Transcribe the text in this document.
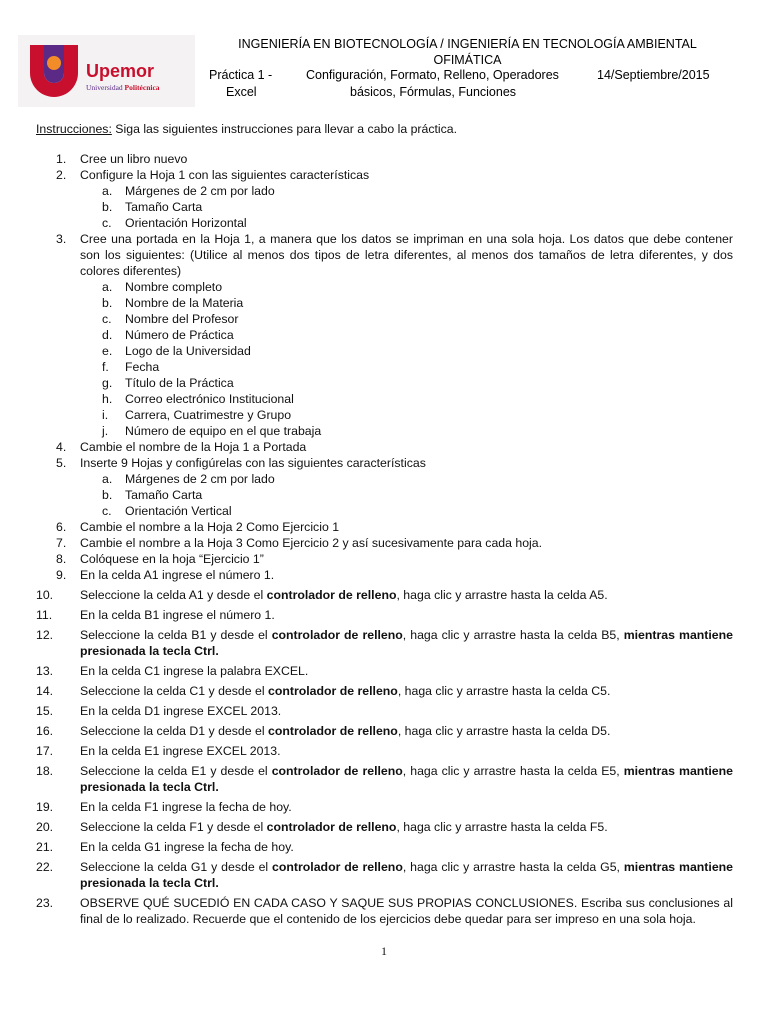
Upemor
Universidad Politécnica
INGENIERÍA EN BIOTECNOLOGÍA / INGENIERÍA EN TECNOLOGÍA AMBIENTAL
OFIMÁTICA
Práctica 1 -
Excel
Configuración, Formato, Relleno, Operadores
básicos, Fórmulas, Funciones
14/Septiembre/2015
Instrucciones: Siga las siguientes instrucciones para llevar a cabo la práctica.
1. Cree un libro nuevo
2. Configure la Hoja 1 con las siguientes características
a. Márgenes de 2 cm por lado
b. Tamaño Carta
c. Orientación Horizontal
3. Cree una portada en la Hoja 1, a manera que los datos se impriman en una sola hoja. Los datos que debe contener son los siguientes: (Utilice al menos dos tipos de letra diferentes, al menos dos tamaños de letra diferentes, y dos colores diferentes)
a. Nombre completo
b. Nombre de la Materia
c. Nombre del Profesor
d. Número de Práctica
e. Logo de la Universidad
f. Fecha
g. Título de la Práctica
h. Correo electrónico Institucional
i. Carrera, Cuatrimestre y Grupo
j. Número de equipo en el que trabaja
4. Cambie el nombre de la Hoja 1 a Portada
5. Inserte 9 Hojas y configúrelas con las siguientes características
a. Márgenes de 2 cm por lado
b. Tamaño Carta
c. Orientación Vertical
6. Cambie el nombre a la Hoja 2 Como Ejercicio 1
7. Cambie el nombre a la Hoja 3 Como Ejercicio 2 y así sucesivamente para cada hoja.
8. Colóquese en la hoja “Ejercicio 1”
9. En la celda A1 ingrese el número 1.
10. Seleccione la celda A1 y desde el controlador de relleno, haga clic y arrastre hasta la celda A5.
11. En la celda B1 ingrese el número 1.
12. Seleccione la celda B1 y desde el controlador de relleno, haga clic y arrastre hasta la celda B5, mientras mantiene presionada la tecla Ctrl.
13. En la celda C1 ingrese la palabra EXCEL.
14. Seleccione la celda C1 y desde el controlador de relleno, haga clic y arrastre hasta la celda C5.
15. En la celda D1 ingrese EXCEL 2013.
16. Seleccione la celda D1 y desde el controlador de relleno, haga clic y arrastre hasta la celda D5.
17. En la celda E1 ingrese EXCEL 2013.
18. Seleccione la celda E1 y desde el controlador de relleno, haga clic y arrastre hasta la celda E5, mientras mantiene presionada la tecla Ctrl.
19. En la celda F1 ingrese la fecha de hoy.
20. Seleccione la celda F1 y desde el controlador de relleno, haga clic y arrastre hasta la celda F5.
21. En la celda G1 ingrese la fecha de hoy.
22. Seleccione la celda G1 y desde el controlador de relleno, haga clic y arrastre hasta la celda G5, mientras mantiene presionada la tecla Ctrl.
23. OBSERVE QUÉ SUCEDIÓ EN CADA CASO Y SAQUE SUS PROPIAS CONCLUSIONES. Escriba sus conclusiones al final de lo realizado. Recuerde que el contenido de los ejercicios debe quedar para ser impreso en una sola hoja.
1
